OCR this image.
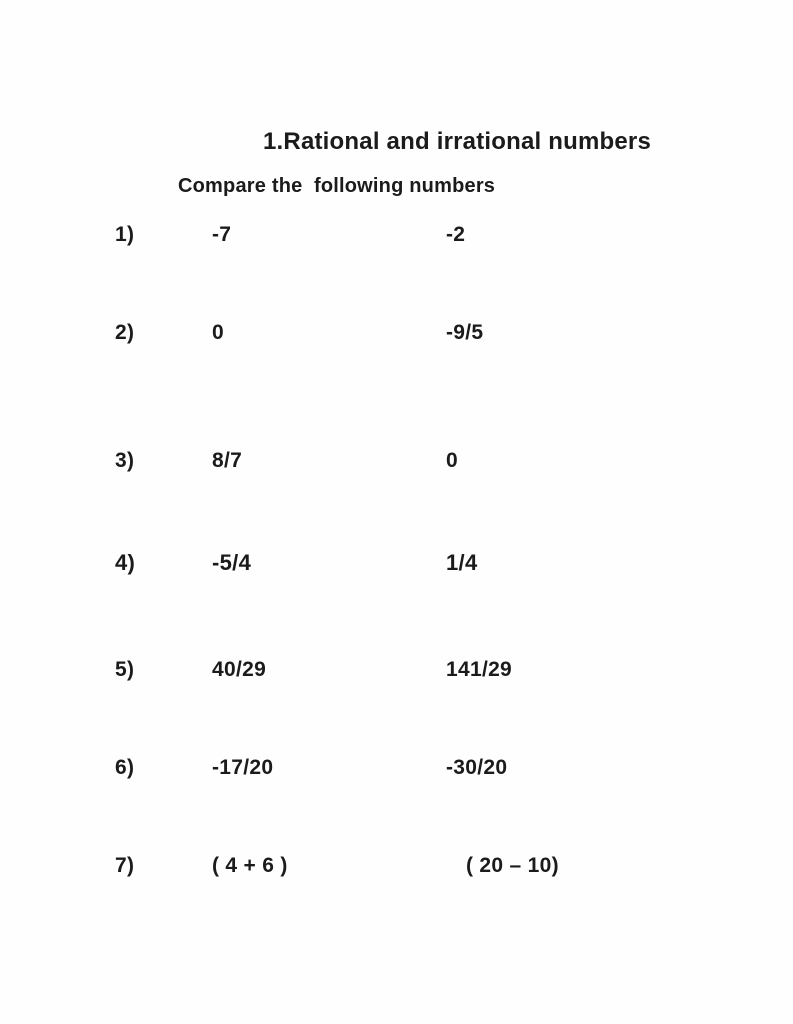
1.Rational and irrational numbers
Compare the  following numbers
1)	-7	-2
2)	0	-9/5
3)	8/7	0
4)	-5/4	1/4
5)	40/29	141/29
6)	-17/20	-30/20
7)	( 4 + 6 )	( 20 – 10)
